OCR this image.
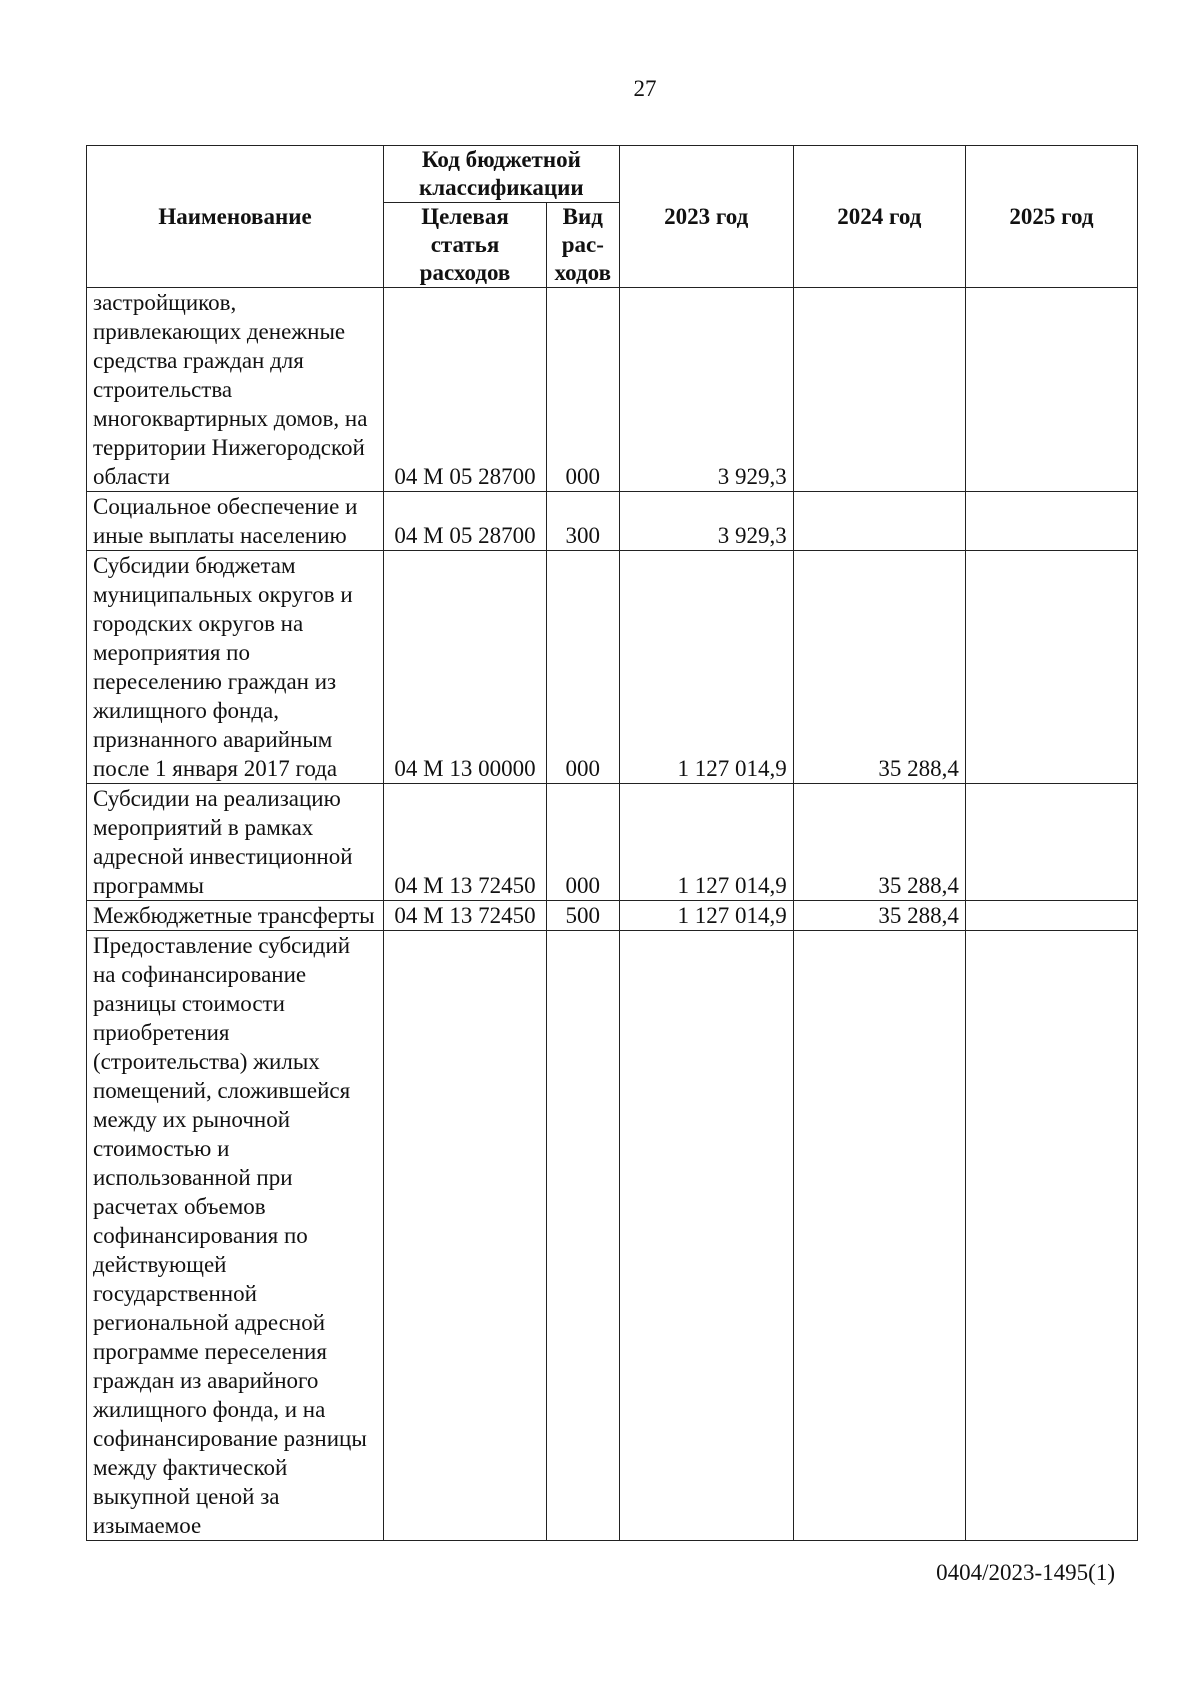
27
Наименование	Код бюджетной классификации		2023 год	2024 год	2025 год
	Целевая статья расходов	Вид рас-ходов			
застройщиков, привлекающих денежные средства граждан для строительства многоквартирных домов, на территории Нижегородской области	04 М 05 28700	000	3 929,3		
Социальное обеспечение и иные выплаты населению	04 М 05 28700	300	3 929,3		
Субсидии бюджетам муниципальных округов и городских округов на мероприятия по переселению граждан из жилищного фонда, признанного аварийным после 1 января 2017 года	04 М 13 00000	000	1 127 014,9	35 288,4	
Субсидии на реализацию мероприятий в рамках адресной инвестиционной программы	04 М 13 72450	000	1 127 014,9	35 288,4	
Межбюджетные трансферты	04 М 13 72450	500	1 127 014,9	35 288,4	
Предоставление субсидий на софинансирование разницы стоимости приобретения (строительства) жилых помещений, сложившейся между их рыночной стоимостью и использованной при расчетах объемов софинансирования по действующей государственной региональной адресной программе переселения граждан из аварийного жилищного фонда, и на софинансирование разницы между фактической выкупной ценой за изымаемое					
0404/2023-1495(1)
